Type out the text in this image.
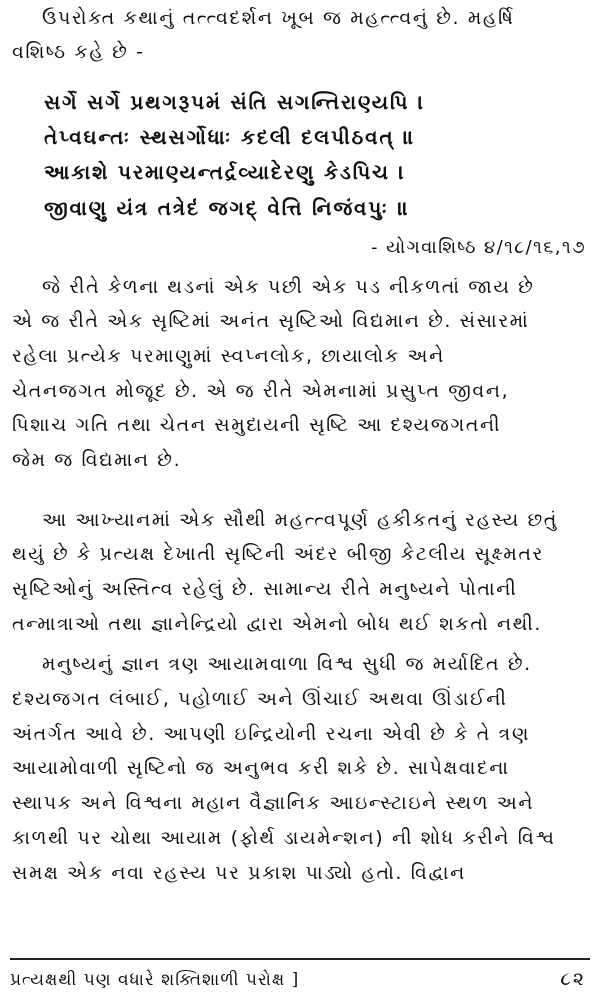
ઉપરોક્ત કથાનું તત્ત્વદર્શન ખૂબ જ મહત્ત્વનું છે. મહર્ષિ

વશિષ્ઠ કહે છે -

સર્ગે સર્ગે પ્રથગરૂપમં સંતિ સગન્તિરાણ્યપિ ।

તેપ્વઘન્તઃ સ્થસર્ગોધાઃ કદલી દલપીઠવત્ ॥

આકાશે પરમાણ્યન્તર્દ્રવ્યાદેરણુ કેડપિચ ।

જીવાણુ યંત્ર તત્રેદં જગદ્ વેત્તિ નિજંવપુઃ ॥

- યોગવાશિષ્ઠ ૪/૧૮/૧૬,૧૭

જે રીતે કેળના થડનાં એક પછી એક પડ નીકળતાં જાય છે

એ જ રીતે એક સૃષ્ટિમાં અનંત સૃષ્ટિઓ વિદ્યમાન છે. સંસારમાં

રહેલા પ્રત્યેક પરમાણુમાં સ્વપ્નલોક, છાયાલોક અને

ચેતનજગત મોજૂદ છે. એ જ રીતે એમનામાં પ્રસુપ્ત જીવન,

પિશાચ ગતિ તથા ચેતન સમુદાયની સૃષ્ટિ આ દશ્યજગતની

જેમ જ વિદ્યમાન છે.

આ આખ્યાનમાં એક સૌથી મહત્ત્વપૂર્ણ હકીકતનું રહસ્ય છતું

થયું છે કે પ્રત્યક્ષ દેખાતી સૃષ્ટિની અંદર બીજી કેટલીય સૂક્ષ્મતર

સૃષ્ટિઓનું અસ્તિત્વ રહેલું છે. સામાન્ય રીતે મનુષ્યને પોતાની

તન્માત્રાઓ તથા જ્ઞાનેન્દ્રિયો દ્વારા એમનો બોધ થઈ શકતો નથી.

મનુષ્યનું જ્ઞાન ત્રણ આયામવાળા વિશ્વ સુધી જ મર્યાદિત છે.

દશ્યજગત લંબાઈ, પહોળાઈ અને ઊંચાઈ અથવા ઊંડાઈની

અંતર્ગત આવે છે. આપણી ઇન્દ્રિયોની રચના એવી છે કે તે ત્રણ

આયામોવાળી સૃષ્ટિનો જ અનુભવ કરી શકે છે. સાપેક્ષવાદના

સ્થાપક અને વિશ્વના મહાન વૈજ્ઞાનિક આઇન્સ્ટાઇને સ્થળ અને

કાળથી પર ચોથા આયામ (ફોર્થ ડાયમેન્શન) ની શોધ કરીને વિશ્વ

સમક્ષ એક નવા રહસ્ય પર પ્રકાશ પાડ્યો હતો. વિદ્વાન

પ્રત્યક્ષથી પણ વધારે શક્તિશાળી પરોક્ષ ]	૮૨
